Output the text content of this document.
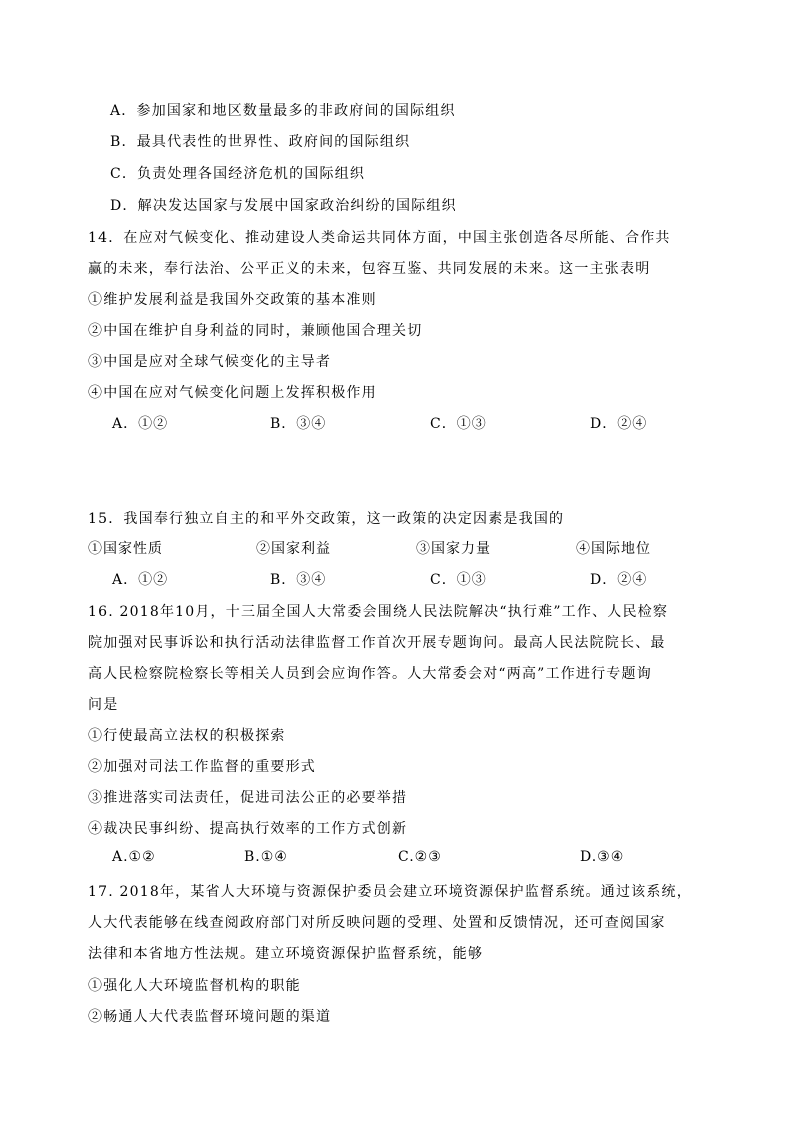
A．参加国家和地区数量最多的非政府间的国际组织
B．最具代表性的世界性、政府间的国际组织
C．负责处理各国经济危机的国际组织
D．解决发达国家与发展中国家政治纠纷的国际组织
14．在应对气候变化、推动建设人类命运共同体方面，中国主张创造各尽所能、合作共
赢的未来，奉行法治、公平正义的未来，包容互鉴、共同发展的未来。这一主张表明
①维护发展利益是我国外交政策的基本准则
②中国在维护自身利益的同时，兼顾他国合理关切
③中国是应对全球气候变化的主导者
④中国在应对气候变化问题上发挥积极作用
A．①②	B．③④	C．①③	D．②④
15．我国奉行独立自主的和平外交政策，这一政策的决定因素是我国的
①国家性质	②国家利益	③国家力量	④国际地位
A．①②	B．③④	C．①③	D．②④
16. 2018年10月，十三届全国人大常委会围绕人民法院解决“执行难”工作、人民检察
院加强对民事诉讼和执行活动法律监督工作首次开展专题询问。最高人民法院院长、最
高人民检察院检察长等相关人员到会应询作答。人大常委会对“两高”工作进行专题询
问是
①行使最高立法权的积极探索
②加强对司法工作监督的重要形式
③推进落实司法责任，促进司法公正的必要举措
④裁决民事纠纷、提高执行效率的工作方式创新
A.①②	B.①④	C.②③	D.③④
17. 2018年，某省人大环境与资源保护委员会建立环境资源保护监督系统。通过该系统，
人大代表能够在线查阅政府部门对所反映问题的受理、处置和反馈情况，还可查阅国家
法律和本省地方性法规。建立环境资源保护监督系统，能够
①强化人大环境监督机构的职能
②畅通人大代表监督环境问题的渠道
